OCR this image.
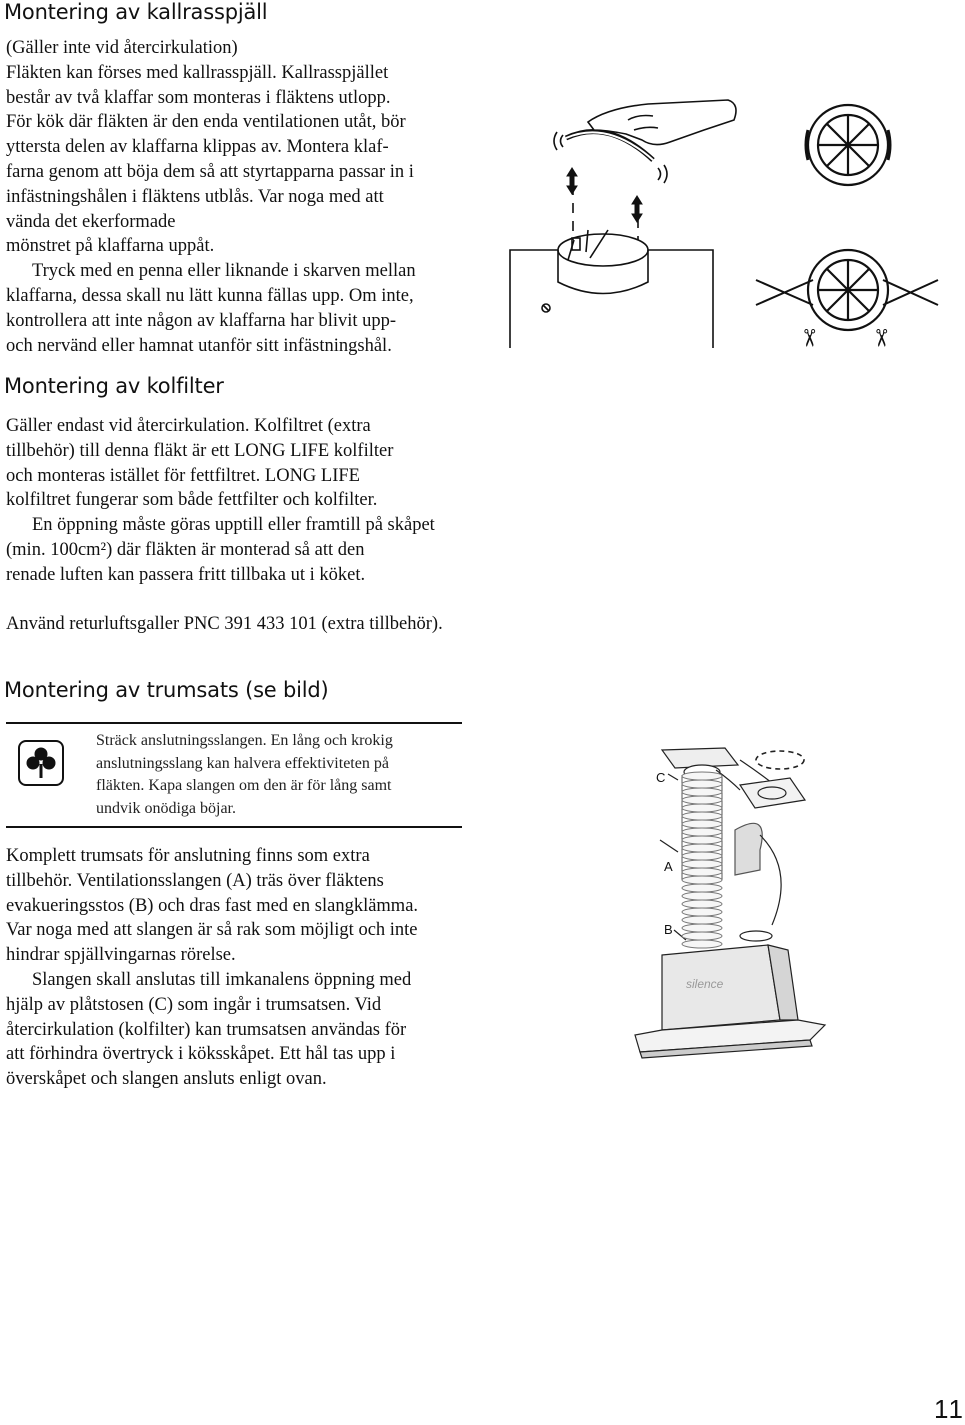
Montering av kallrasspjäll
(Gäller inte vid återcirkulation)
Fläkten kan förses med kallrasspjäll. Kallrasspjället
består av två klaffar som monteras i fläktens utlopp.
För kök där fläkten är den enda ventilationen utåt, bör
yttersta delen av klaffarna klippas av. Montera klaf-
farna genom att böja dem så att styrtapparna passar in i
infästningshålen i fläktens utblås. Var noga med att
vända det ekerformade
mönstret på klaffarna uppåt.
Tryck med en penna eller liknande i skarven mellan
klaffarna, dessa skall nu lätt kunna fällas upp. Om inte,
kontrollera att inte någon av klaffarna har blivit upp-
och nervänd eller hamnat utanför sitt infästningshål.	✂ ✂
Montering av kolfilter
Gäller endast vid återcirkulation. Kolfiltret (extra
tillbehör) till denna fläkt är ett LONG LIFE kolfilter
och monteras istället för fettfiltret. LONG LIFE
kolfiltret fungerar som både fettfilter och kolfilter.
En öppning måste göras upptill eller framtill på skåpet
(min. 100cm²) där fläkten är monterad så att den
renade luften kan passera fritt tillbaka ut i köket.
Använd returluftsgaller PNC 391 433 101 (extra tillbehör).
Montering av trumsats (se bild)
Sträck anslutningsslangen. En lång och krokig
anslutningsslang kan halvera effektiviteten på
fläkten. Kapa slangen om den är för lång samt
undvik onödiga böjar.
Komplett trumsats för anslutning finns som extra
tillbehör. Ventilationsslangen (A) träs över fläktens
evakueringsstos (B) och dras fast med en slangklämma.
Var noga med att slangen är så rak som möjligt och inte
hindrar spjällvingarnas rörelse.
Slangen skall anslutas till imkanalens öppning med
hjälp av plåtstosen (C) som ingår i trumsatsen. Vid
återcirkulation (kolfilter) kan trumsatsen användas för
att förhindra övertryck i köksskåpet. Ett hål tas upp i
överskåpet och slangen ansluts enligt ovan.
C
A
B
silence
11
